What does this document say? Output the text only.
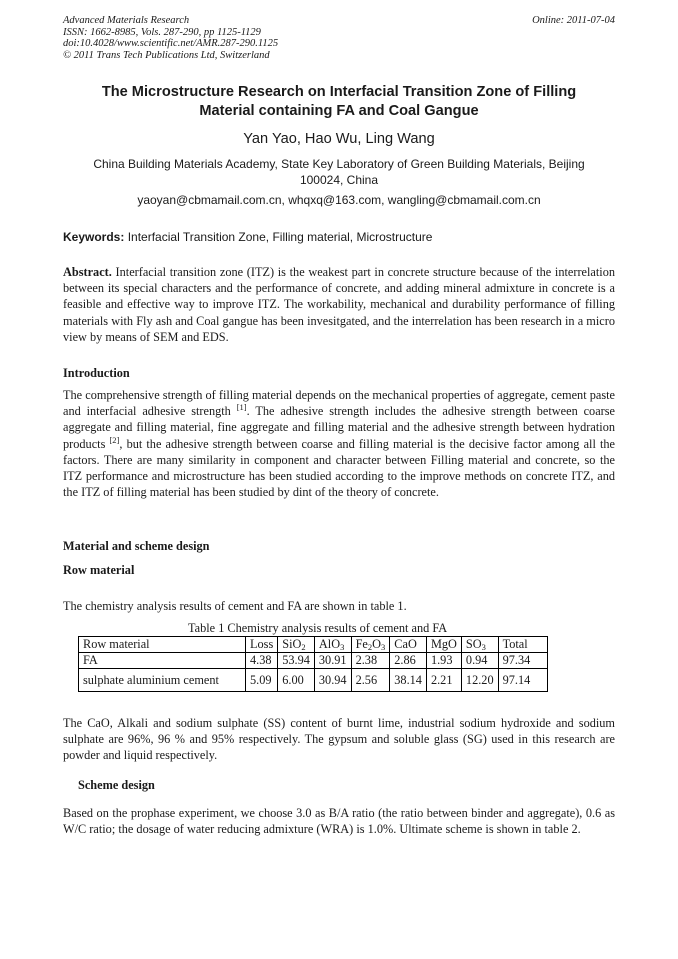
Advanced Materials Research
ISSN: 1662-8985, Vols. 287-290, pp 1125-1129
doi:10.4028/www.scientific.net/AMR.287-290.1125
© 2011 Trans Tech Publications Ltd, Switzerland
Online: 2011-07-04
The Microstructure Research on Interfacial Transition Zone of Filling
Material containing FA and Coal Gangue
Yan Yao, Hao Wu, Ling Wang
China Building Materials Academy, State Key Laboratory of Green Building Materials, Beijing
100024, China
yaoyan@cbmamail.com.cn, whqxq@163.com, wangling@cbmamail.com.cn
Keywords: Interfacial Transition Zone, Filling material, Microstructure
Abstract. Interfacial transition zone (ITZ) is the weakest part in concrete structure because of the interrelation between its special characters and the performance of concrete, and adding mineral admixture in concrete is a feasible and effective way to improve ITZ. The workability, mechanical and durability performance of filling materials with Fly ash and Coal gangue has been invesitgated, and the interrelation has been research in a micro view by means of SEM and EDS.
Introduction
The comprehensive strength of filling material depends on the mechanical properties of aggregate, cement paste and interfacial adhesive strength [1]. The adhesive strength includes the adhesive strength between coarse aggregate and filling material, fine aggregate and filling material and the adhesive strength between hydration products [2], but the adhesive strength between coarse and filling material is the decisive factor among all the factors. There are many similarity in component and character between Filling material and concrete, so the ITZ performance and microstructure has been studied according to the improve methods on concrete ITZ, and the ITZ of filling material has been studied by dint of the theory of concrete.
Material and scheme design
Row material
The chemistry analysis results of cement and FA are shown in table 1.
Table 1 Chemistry analysis results of cement and FA
Row material	Loss	SiO$_2$	AlO$_3$	$Fe_2O_3$	CaO	MgO	$SO_3$	Total
FA	4.38	53.94	30.91	2.38	2.86	1.93	0.94	97.34
sulphate aluminium cement	5.09	6.00	30.94	2.56	38.14	2.21	12.20	97.14
The CaO, Alkali and sodium sulphate (SS) content of burnt lime, industrial sodium hydroxide and sodium sulphate are 96%, 96 % and 95% respectively. The gypsum and soluble glass (SG) used in this research are powder and liquid respectively.
Scheme design
Based on the prophase experiment, we choose 3.0 as B/A ratio (the ratio between binder and aggregate), 0.6 as W/C ratio; the dosage of water reducing admixture (WRA) is 1.0%. Ultimate scheme is shown in table 2.
